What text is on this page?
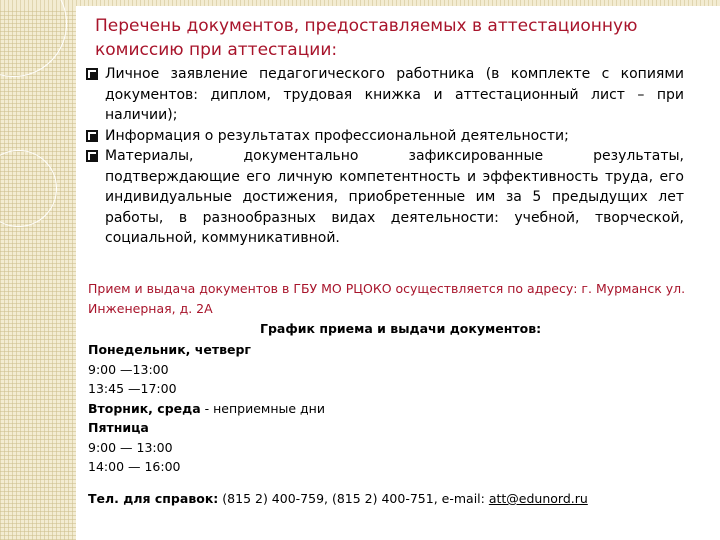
Перечень документов, предоставляемых в аттестационную комиссию при аттестации:
Личное заявление педагогического работника (в комплекте с копиями документов: диплом, трудовая книжка и аттестационный лист – при наличии);
Информация о результатах профессиональной деятельности;
Материалы, документально зафиксированные результаты, подтверждающие его личную компетентность и эффективность труда, его индивидуальные достижения, приобретенные им за 5 предыдущих лет работы, в разнообразных видах деятельности: учебной, творческой, социальной, коммуникативной.
Прием и выдача документов в ГБУ МО РЦОКО осуществляется по адресу: г. Мурманск ул. Инженерная, д. 2А
График приема и выдачи документов:
Понедельник, четверг
9:00 —13:00
13:45 —17:00
Вторник, среда - неприемные дни
Пятница
9:00 — 13:00
14:00 — 16:00
Тел. для справок: (815 2) 400-759, (815 2) 400-751, e-mail: att@edunord.ru
